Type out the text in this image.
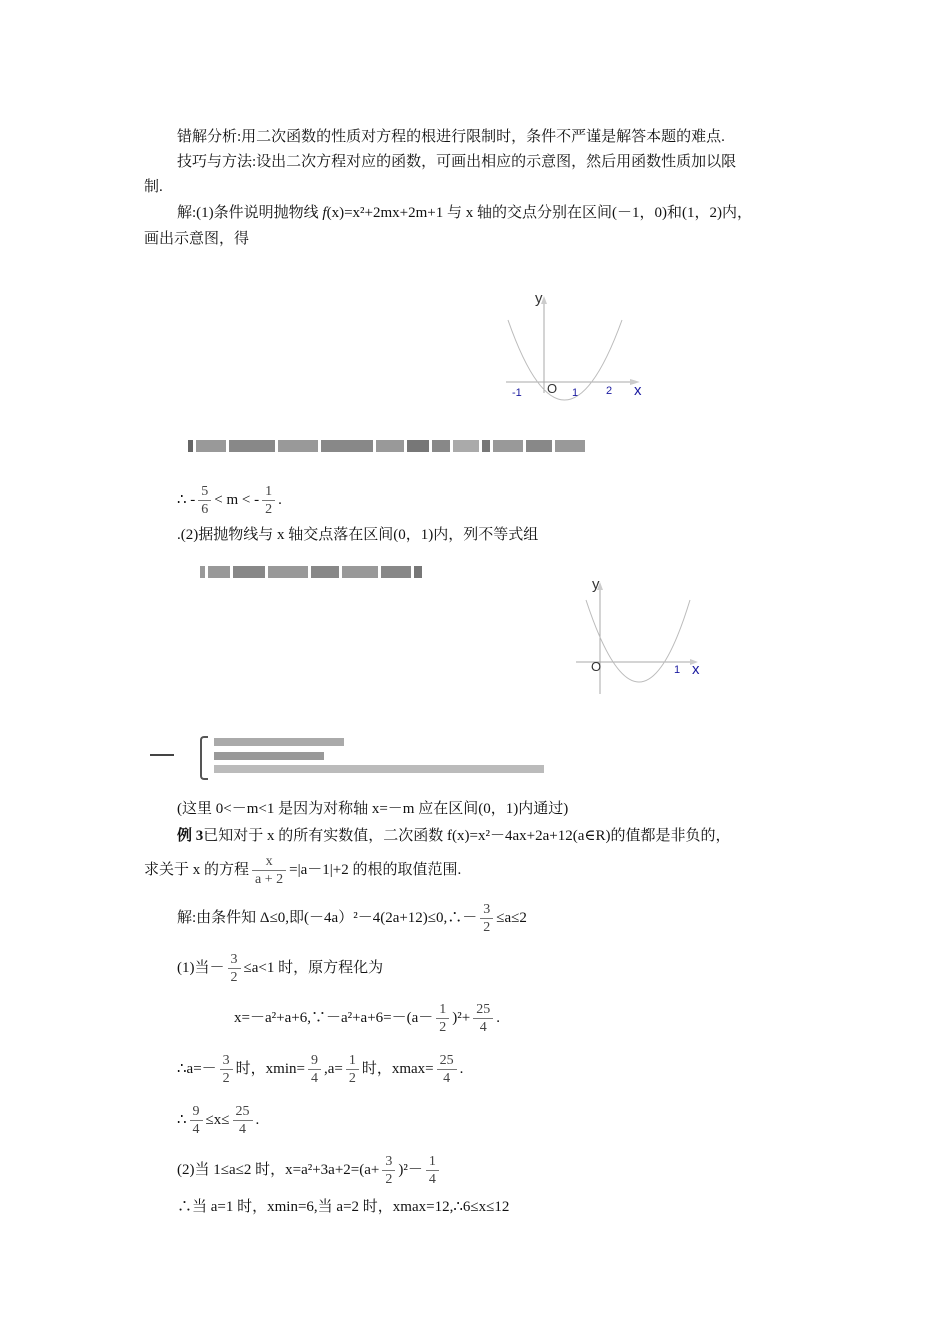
错解分析:用二次函数的性质对方程的根进行限制时，条件不严谨是解答本题的难点.
技巧与方法:设出二次方程对应的函数，可画出相应的示意图，然后用函数性质加以限
制.
解:(1)条件说明抛物线 f(x)=x²+2mx+2m+1 与 x 轴的交点分别在区间(－1，0)和(1，2)内，
画出示意图，得
y
O	x
-1	1	2
∴ - $\frac{5}{6} < m$ < - $\frac{1}{2}$ .
.(2)据抛物线与 x 轴交点落在区间(0，1)内，列不等式组
y
O	x
1
(这里 0<－m<1 是因为对称轴 x=－m 应在区间(0，1)内通过)
例 3已知对于 x 的所有实数值，二次函数 f(x)=x²－4ax+2a+12(a∈R)的值都是非负的，
求关于 x 的方程 $\frac{x}{a + 2} =|a-1|+2$ 的根的取值范围.
解:由条件知 Δ≤0,即(－4a）²－4(2a+12)≤0,∴－ $\frac{3}{2} \le a\le 2$
(1)当－ $\frac{3}{2} \le a<1$ 时，原方程化为
x=－a²+a+6,∵－a²+a+6=－(a－ $\frac{1}{2} )^2+ \frac{25}{4}$ .
∴a=－ $\frac{3}{2}$ 时，$xmin= \frac{9}{4} ,a= \frac{1}{2}$ 时，$xmax= \frac{25}{4}$ .
∴ $\frac{9}{4} \le x\le \frac{25}{4}$ .
(2)当 1≤a≤2 时，$x=a^2+3a+2=(a+ \frac{3}{2} )^2- \frac{1}{4}$
∴当 a=1 时，xmin=6,当 a=2 时，xmax=12,∴6≤x≤12
